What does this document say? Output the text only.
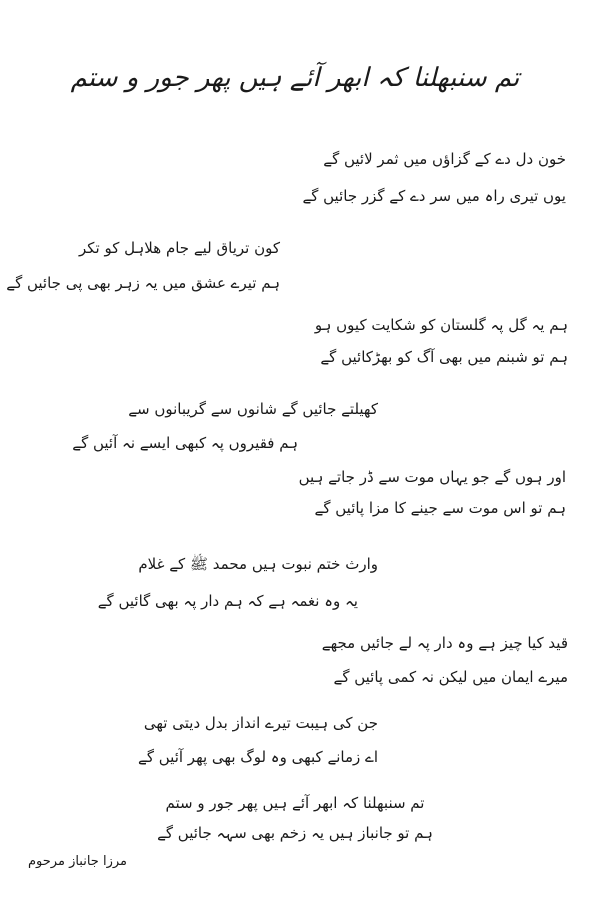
تم سنبھلنا کہ ابھر آئے ہیں پھر جور و ستم
خون دل دے کے گزاؤں میں ثمر لائیں گے
یوں تیری راہ میں سر دے کے گزر جائیں گے
کون تریاق لیے جام ھلاہل کو تکر
ہم تیرے عشق میں یہ زہر بھی پی جائیں گے
ہم یہ گل پہ گلستان کو شکایت کیوں ہو
ہم تو شبنم میں بھی آگ کو بھڑکائیں گے
کھیلتے جائیں گے شانوں سے گریبانوں سے
ہم فقیروں پہ کبھی ایسے نہ آئیں گے
اور ہوں گے جو یہاں موت سے ڈر جاتے ہیں
ہم تو اس موت سے جینے کا مزا پائیں گے
وارث ختم نبوت ہیں محمد ﷺ کے غلام
یہ وہ نغمہ ہے کہ ہم دار پہ بھی گائیں گے
قید کیا چیز ہے وہ دار پہ لے جائیں مجھے
میرے ایمان میں لیکن نہ کمی پائیں گے
جن کی ہیبت تیرے انداز بدل دیتی تھی
اے زمانے کبھی وہ لوگ بھی پھر آئیں گے
تم سنبھلنا کہ ابھر آئے ہیں پھر جور و ستم
ہم تو جانباز ہیں یہ زخم بھی سہہ جائیں گے
مرزا جانباز مرحوم
